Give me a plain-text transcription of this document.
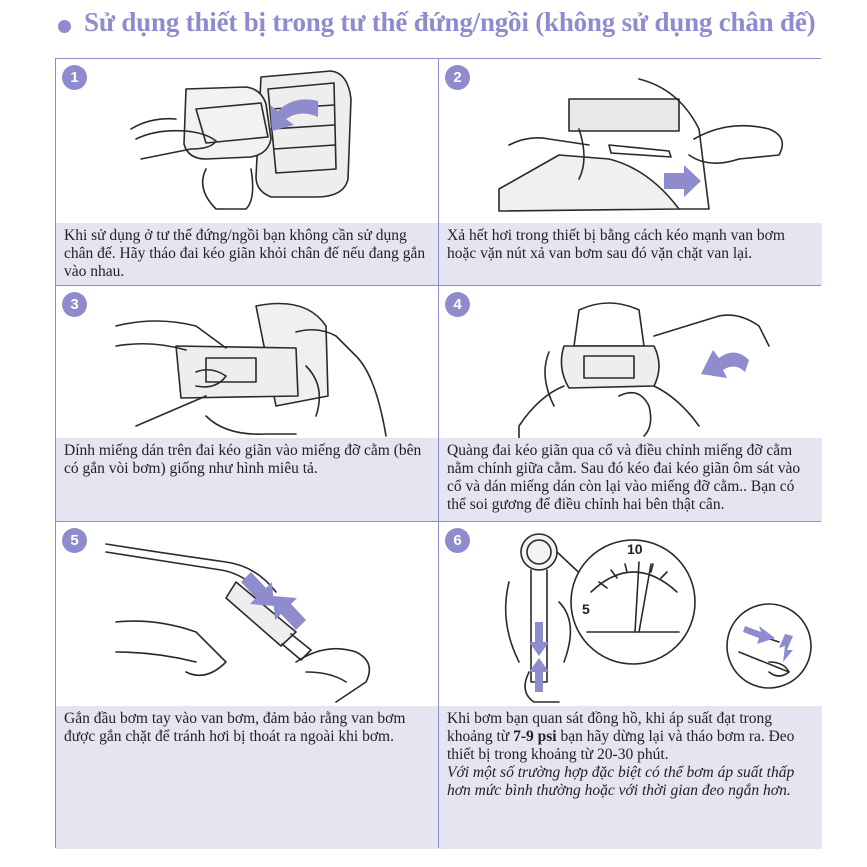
Sử dụng thiết bị trong tư thế đứng/ngồi (không sử dụng chân đế)
1
Khi sử dụng ở tư thế đứng/ngồi bạn không cần sử dụng chân đế. Hãy tháo đai kéo giãn khỏi chân đế nếu đang gắn vào nhau.
2
Xả hết hơi trong thiết bị bằng cách kéo mạnh van bơm hoặc vặn nút xả van bơm sau đó vặn chặt van lại.
3
Dính miếng dán trên đai kéo giãn vào miếng đỡ cằm (bên có gắn vòi bơm) giống như hình miêu tả.
4
Quàng đai kéo giãn qua cổ và điều chỉnh miếng đỡ cằm nằm chính giữa cằm. Sau đó kéo đai kéo giãn ôm sát vào cổ và dán miếng dán còn lại vào miếng đỡ cằm.. Bạn có thể soi gương để điều chỉnh hai bên thật cân.
5
Gắn đầu bơm tay vào van bơm, đảm bảo rằng van bơm được gắn chặt để tránh hơi bị thoát ra ngoài khi bơm.
10
5
6
Khi bơm bạn quan sát đồng hồ, khi áp suất đạt trong khoảng từ 7-9 psi bạn hãy dừng lại và tháo bơm ra. Đeo thiết bị trong khoảng từ 20-30 phút.
Với một số trường hợp đặc biệt có thể bơm áp suất thấp hơn mức bình thường hoặc với thời gian đeo ngắn hơn.
